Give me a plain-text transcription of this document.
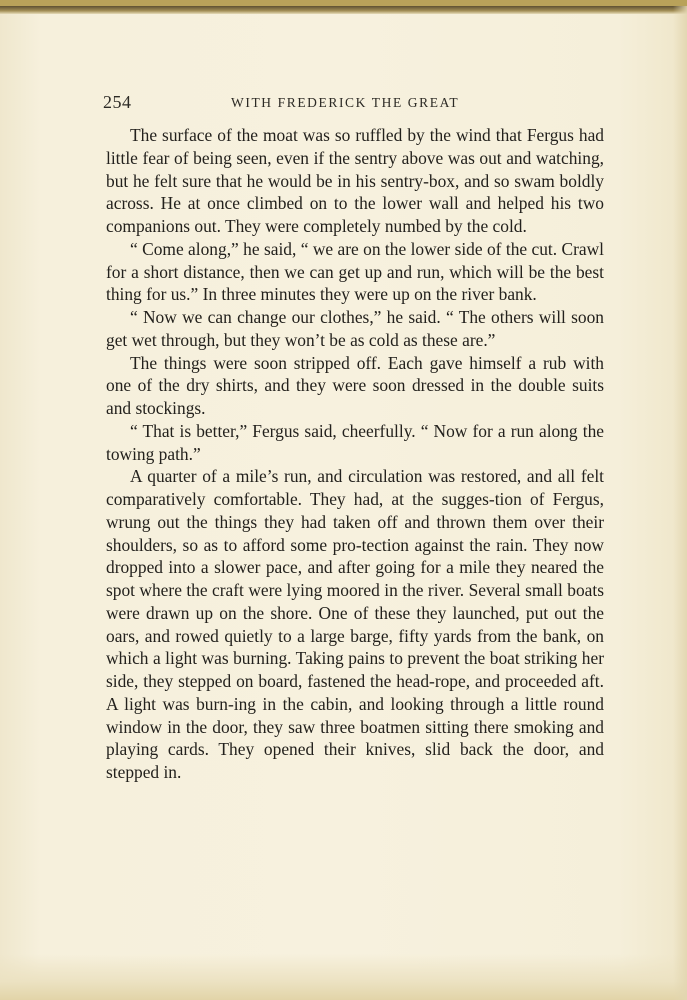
254	WITH FREDERICK THE GREAT

The surface of the moat was so ruffled by the wind that Fergus had little fear of being seen, even if the sentry above was out and watching, but he felt sure that he would be in his sentry-box, and so swam boldly across. He at once climbed on to the lower wall and helped his two companions out. They were completely numbed by the cold.

“ Come along,” he said, “ we are on the lower side of the cut. Crawl for a short distance, then we can get up and run, which will be the best thing for us.” In three minutes they were up on the river bank.

“ Now we can change our clothes,” he said. “ The others will soon get wet through, but they won’t be as cold as these are.”

The things were soon stripped off. Each gave himself a rub with one of the dry shirts, and they were soon dressed in the double suits and stockings.

“ That is better,” Fergus said, cheerfully. “ Now for a run along the towing path.”

A quarter of a mile’s run, and circulation was restored, and all felt comparatively comfortable. They had, at the sugges-tion of Fergus, wrung out the things they had taken off and thrown them over their shoulders, so as to afford some pro-tection against the rain. They now dropped into a slower pace, and after going for a mile they neared the spot where the craft were lying moored in the river. Several small boats were drawn up on the shore. One of these they launched, put out the oars, and rowed quietly to a large barge, fifty yards from the bank, on which a light was burning. Taking pains to prevent the boat striking her side, they stepped on board, fastened the head-rope, and proceeded aft. A light was burn-ing in the cabin, and looking through a little round window in the door, they saw three boatmen sitting there smoking and playing cards. They opened their knives, slid back the door, and stepped in.
